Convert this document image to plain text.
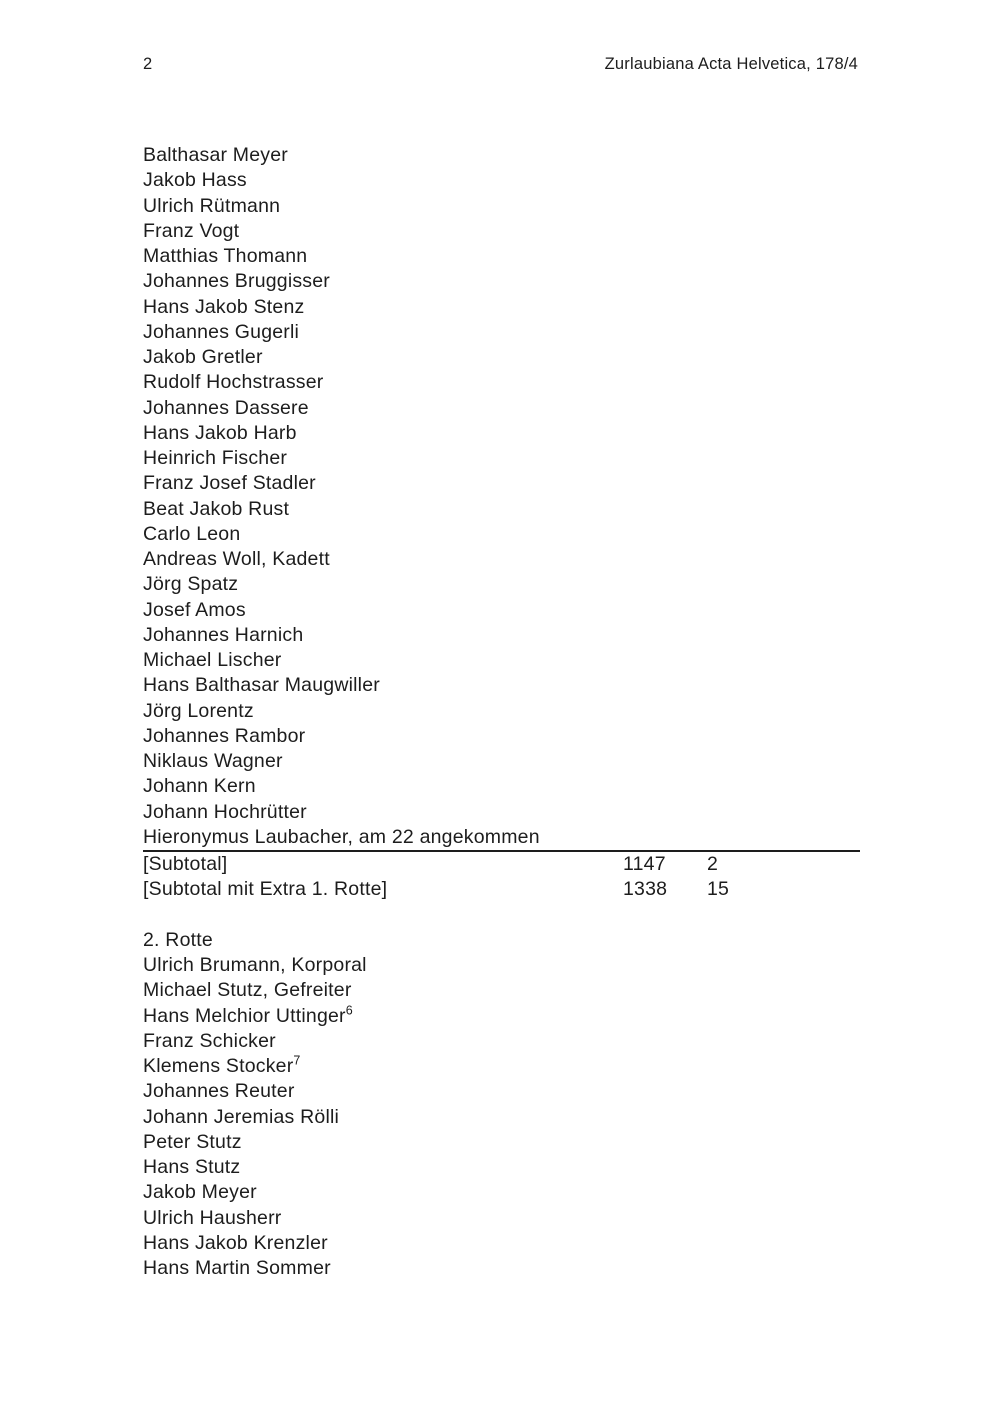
2	Zurlaubiana Acta Helvetica, 178/4
Balthasar Meyer
Jakob Hass
Ulrich Rütmann
Franz Vogt
Matthias Thomann
Johannes Bruggisser
Hans Jakob Stenz
Johannes Gugerli
Jakob Gretler
Rudolf Hochstrasser
Johannes Dassere
Hans Jakob Harb
Heinrich Fischer
Franz Josef Stadler
Beat Jakob Rust
Carlo Leon
Andreas Woll, Kadett
Jörg Spatz
Josef Amos
Johannes Harnich
Michael Lischer
Hans Balthasar Maugwiller
Jörg Lorentz
Johannes Rambor
Niklaus Wagner
Johann Kern
Johann Hochrütter
Hieronymus Laubacher, am 22 angekommen
[Subtotal]	1147	2
[Subtotal mit Extra 1. Rotte]	1338	15
2. Rotte
Ulrich Brumann, Korporal
Michael Stutz, Gefreiter
Hans Melchior Uttinger$^6$
Franz Schicker
Klemens Stocker$^7$
Johannes Reuter
Johann Jeremias Rölli
Peter Stutz
Hans Stutz
Jakob Meyer
Ulrich Hausherr
Hans Jakob Krenzler
Hans Martin Sommer
